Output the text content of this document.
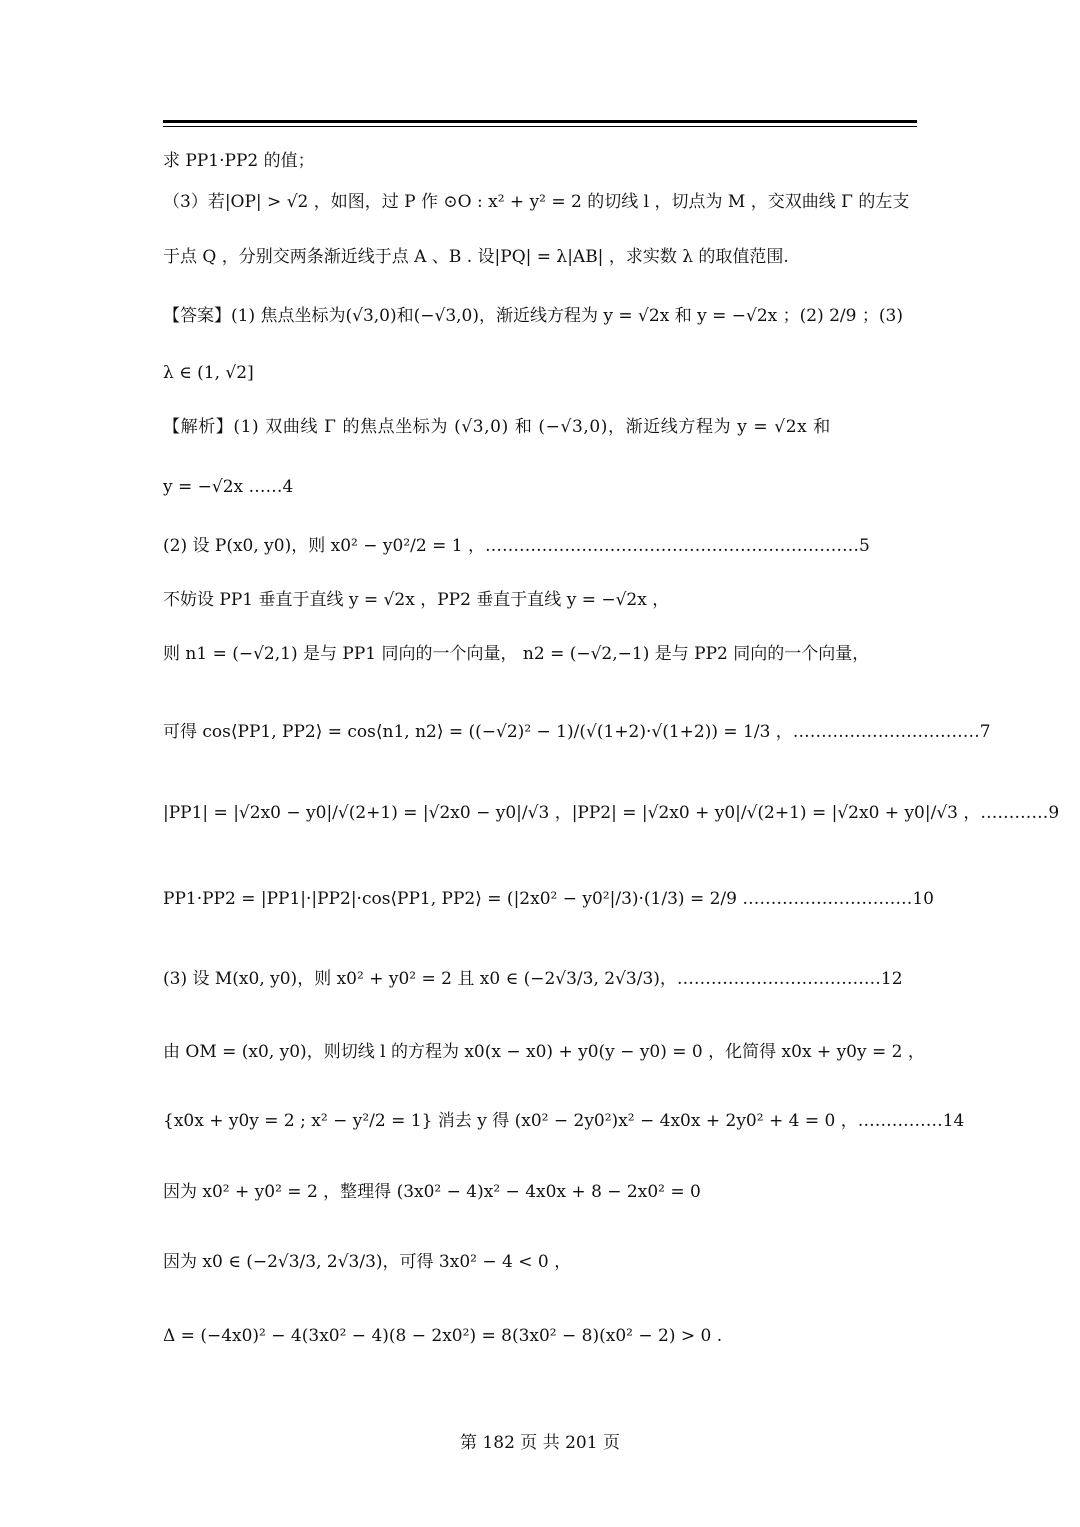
求 PP1·PP2 的值；
（3）若|OP| > √2 ，如图，过 P 作 ⊙O : x² + y² = 2 的切线 l ，切点为 M ，交双曲线 Γ 的左支
于点 Q ，分别交两条渐近线于点 A 、B . 设|PQ| = λ|AB| ，求实数 λ 的取值范围.
【答案】(1) 焦点坐标为(√3,0)和(−√3,0)，渐近线方程为 y = √2x 和 y = −√2x ；(2) 2/9 ；(3)
λ ∈ (1, √2]
【解析】(1) 双曲线 Γ 的焦点坐标为 (√3,0) 和 (−√3,0)，渐近线方程为 y = √2x 和
y = −√2x ……4
(2) 设 P(x0, y0)，则 x0² − y0²/2 = 1 ，…………………………………………………………5
不妨设 PP1 垂直于直线 y = √2x ，PP2 垂直于直线 y = −√2x ，
则 n1 = (−√2,1) 是与 PP1 同向的一个向量， n2 = (−√2,−1) 是与 PP2 同向的一个向量，
可得 cos⟨PP1, PP2⟩ = cos⟨n1, n2⟩ = ((−√2)² − 1)/(√(1+2)·√(1+2)) = 1/3 ，……………………………7
|PP1| = |√2x0 − y0|/√(2+1) = |√2x0 − y0|/√3 ，|PP2| = |√2x0 + y0|/√(2+1) = |√2x0 + y0|/√3 ，…………9
PP1·PP2 = |PP1|·|PP2|·cos⟨PP1, PP2⟩ = (|2x0² − y0²|/3)·(1/3) = 2/9 …………………………10
(3) 设 M(x0, y0)，则 x0² + y0² = 2 且 x0 ∈ (−2√3/3, 2√3/3)，………………………………12
由 OM = (x0, y0)，则切线 l 的方程为 x0(x − x0) + y0(y − y0) = 0 ，化简得 x0x + y0y = 2 ，
{x0x + y0y = 2 ; x² − y²/2 = 1} 消去 y 得 (x0² − 2y0²)x² − 4x0x + 2y0² + 4 = 0 ，……………14
因为 x0² + y0² = 2 ，整理得 (3x0² − 4)x² − 4x0x + 8 − 2x0² = 0
因为 x0 ∈ (−2√3/3, 2√3/3)，可得 3x0² − 4 < 0 ，
Δ = (−4x0)² − 4(3x0² − 4)(8 − 2x0²) = 8(3x0² − 8)(x0² − 2) > 0 .
第 182 页 共 201 页
